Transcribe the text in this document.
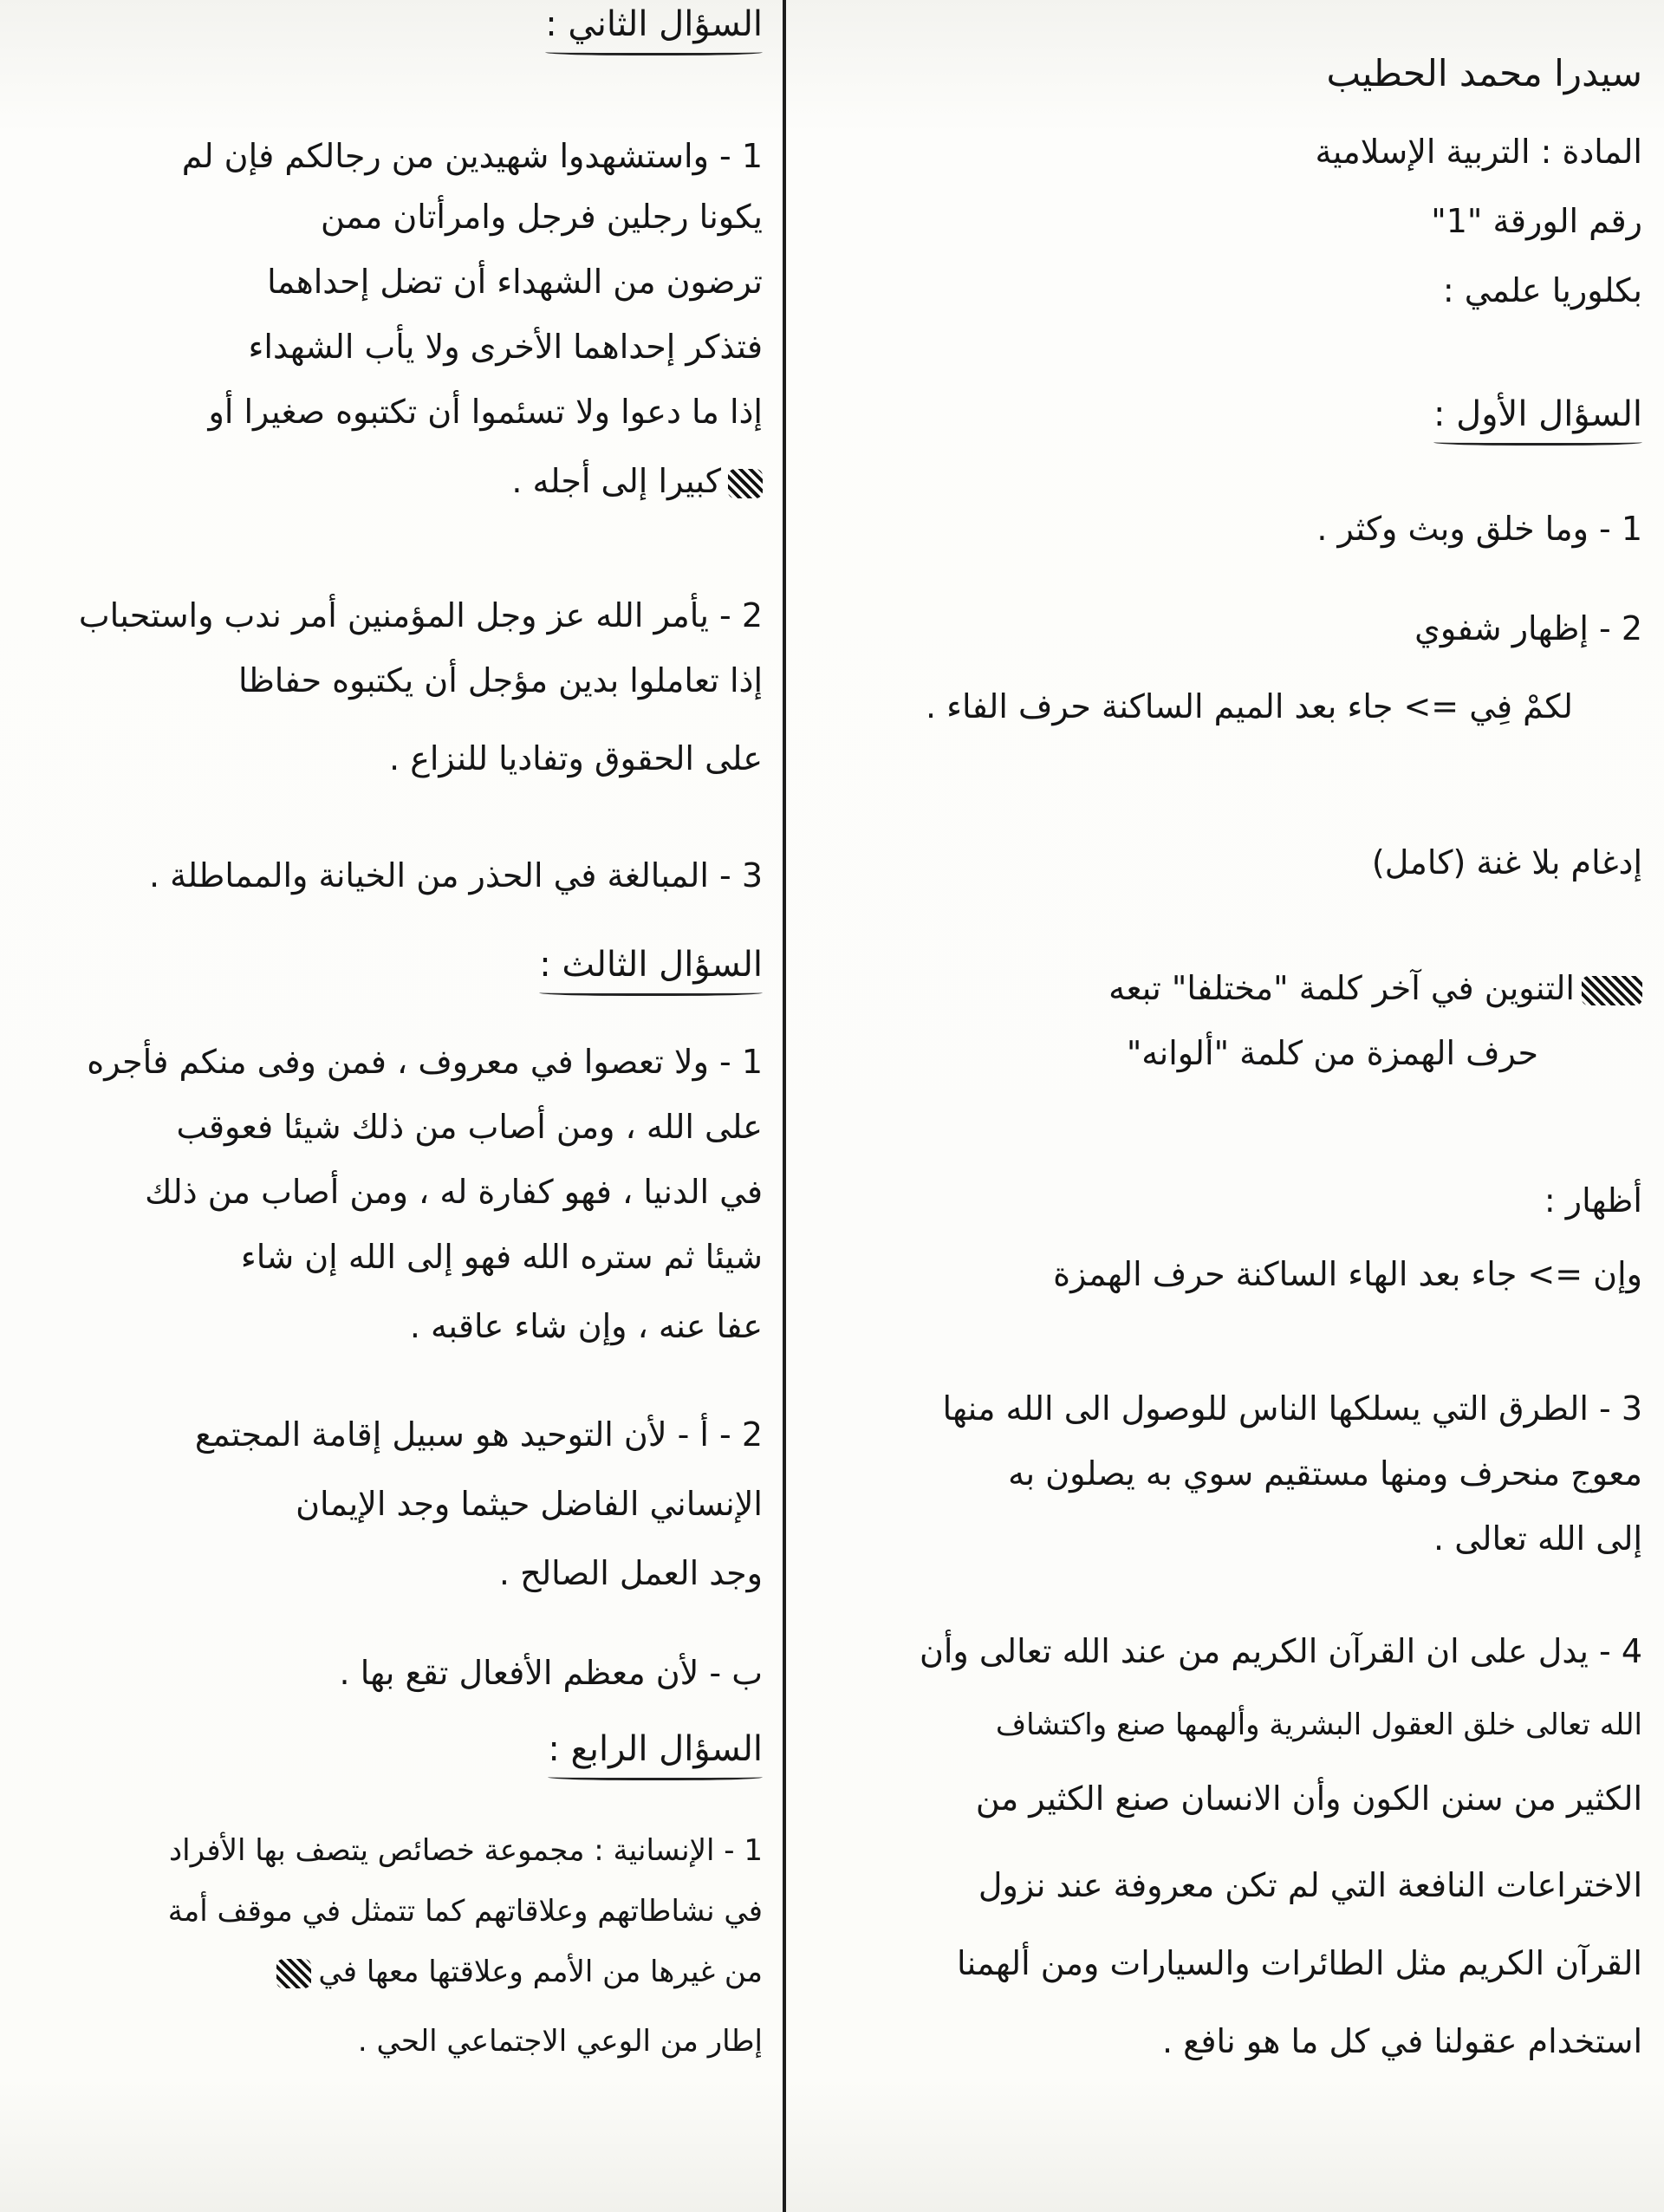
سيدرا محمد الحطيب
المادة : التربية الإسلامية
رقم الورقة "1"
بكلوريا علمي :
السؤال الأول :
1 - وما خلق وبث وكثر .
2 - إظهار شفوي
لكمْ فِي => جاء بعد الميم الساكنة حرف الفاء .
إدغام بلا غنة (كامل)
التنوين في آخر كلمة "مختلفا" تبعه
حرف الهمزة من كلمة "ألوانه"
أظهار :
وإن => جاء بعد الهاء الساكنة حرف الهمزة
3 - الطرق التي يسلكها الناس للوصول الى الله منها
معوج منحرف ومنها مستقيم سوي به يصلون به
إلى الله تعالى .
4 - يدل على ان القرآن الكريم من عند الله تعالى وأن
الله تعالى خلق العقول البشرية وألهمها صنع واكتشاف
الكثير من سنن الكون وأن الانسان صنع الكثير من
الاختراعات النافعة التي لم تكن معروفة عند نزول
القرآن الكريم مثل الطائرات والسيارات ومن ألهمنا
استخدام عقولنا في كل ما هو نافع .
السؤال الثاني :
1 - واستشهدوا شهيدين من رجالكم فإن لم
يكونا رجلين فرجل وامرأتان ممن
ترضون من الشهداء أن تضل إحداهما
فتذكر إحداهما الأخرى ولا يأب الشهداء
إذا ما دعوا ولا تسئموا أن تكتبوه صغيرا أو
كبيرا إلى أجله .
2 - يأمر الله عز وجل المؤمنين أمر ندب واستحباب
إذا تعاملوا بدين مؤجل أن يكتبوه حفاظا
على الحقوق وتفاديا للنزاع .
3 - المبالغة في الحذر من الخيانة والمماطلة .
السؤال الثالث :
1 - ولا تعصوا في معروف ، فمن وفى منكم فأجره
على الله ، ومن أصاب من ذلك شيئا فعوقب
في الدنيا ، فهو كفارة له ، ومن أصاب من ذلك
شيئا ثم ستره الله فهو إلى الله إن شاء
عفا عنه ، وإن شاء عاقبه .
2 - أ - لأن التوحيد هو سبيل إقامة المجتمع
الإنساني الفاضل حيثما وجد الإيمان
وجد العمل الصالح .
ب - لأن معظم الأفعال تقع بها .
السؤال الرابع :
1 - الإنسانية : مجموعة خصائص يتصف بها الأفراد
في نشاطاتهم وعلاقاتهم كما تتمثل في موقف أمة
من غيرها من الأمم وعلاقتها معها في
إطار من الوعي الاجتماعي الحي .
